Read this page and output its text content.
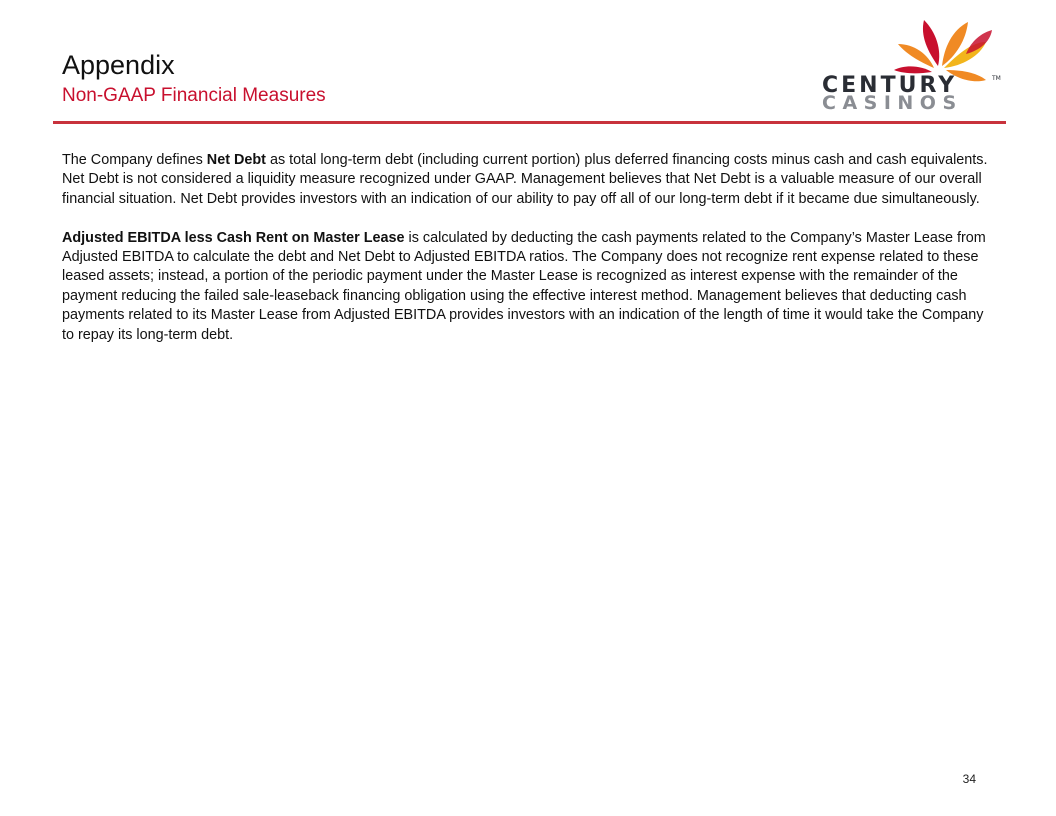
Appendix
Non-GAAP Financial Measures	CENTURY	TM
CASINOS

The Company defines Net Debt as total long-term debt (including current portion) plus deferred financing costs minus cash and cash equivalents. Net Debt is not considered a liquidity measure recognized under GAAP. Management believes that Net Debt is a valuable measure of our overall financial situation. Net Debt provides investors with an indication of our ability to pay off all of our long-term debt if it became due simultaneously.

Adjusted EBITDA less Cash Rent on Master Lease is calculated by deducting the cash payments related to the Company’s Master Lease from Adjusted EBITDA to calculate the debt and Net Debt to Adjusted EBITDA ratios. The Company does not recognize rent expense related to these leased assets; instead, a portion of the periodic payment under the Master Lease is recognized as interest expense with the remainder of the payment reducing the failed sale-leaseback financing obligation using the effective interest method. Management believes that deducting cash payments related to its Master Lease from Adjusted EBITDA provides investors with an indication of the length of time it would take the Company to repay its long-term debt.

34
